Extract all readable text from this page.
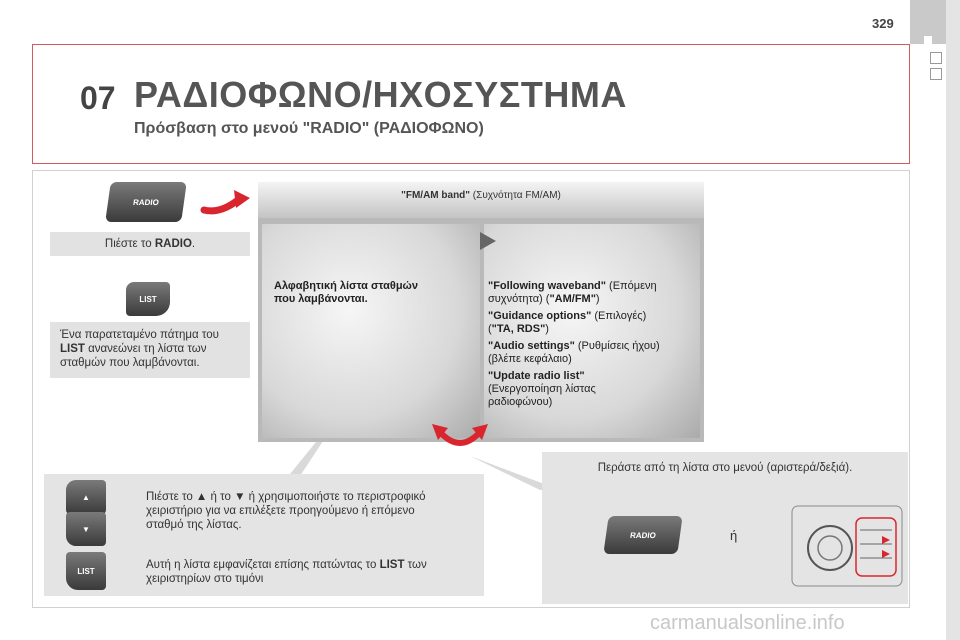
329
07 ΡΑΔΙΟΦΩΝΟ/ΗΧΟΣΥΣΤΗΜΑ
Πρόσβαση στο μενού "RADIO" (ΡΑΔΙΟΦΩΝΟ)
RADIO
Πιέστε το RADIO.
LIST
Ένα παρατεταμένο πάτημα του
LIST ανανεώνει τη λίστα των
σταθμών που λαμβάνονται.
"FM/AM band" (Συχνότητα FM/AM)
Αλφαβητική λίστα σταθμών
που λαμβάνονται.
"Following waveband" (Επόμενη
συχνότητα) ("AM/FM")
"Guidance options" (Επιλογές)
("TA, RDS")
"Audio settings" (Ρυθμίσεις ήχου)
(βλέπε κεφάλαιο)
"Update radio list"
(Ενεργοποίηση λίστας
ραδιοφώνου)
▲
▼
LIST
Πιέστε το ▲ ή το ▼ ή χρησιμοποιήστε το περιστροφικό
χειριστήριο για να επιλέξετε προηγούμενο ή επόμενο
σταθμό της λίστας.
Αυτή η λίστα εμφανίζεται επίσης πατώντας το LIST των
χειριστηρίων στο τιμόνι
Περάστε από τη λίστα στο μενού (αριστερά/δεξιά).
RADIO	ή
carmanualsonline.info
